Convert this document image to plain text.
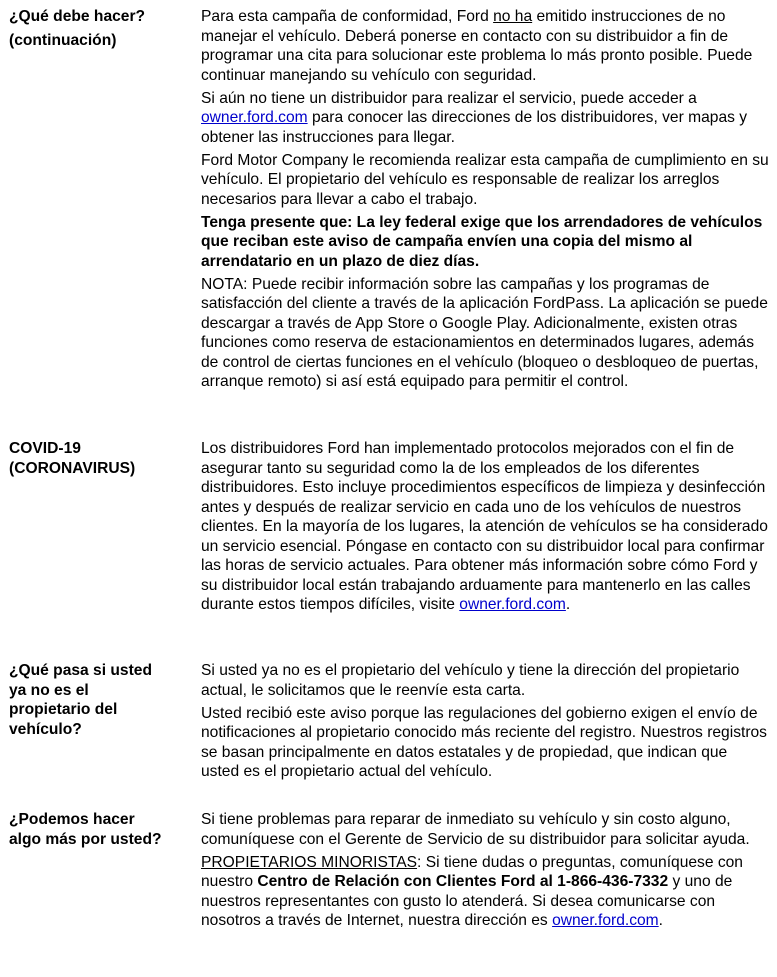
¿Qué debe hacer?
(continuación)

Para esta campaña de conformidad, Ford no ha emitido instrucciones de no manejar el vehículo. Deberá ponerse en contacto con su distribuidor a fin de programar una cita para solucionar este problema lo más pronto posible. Puede continuar manejando su vehículo con seguridad.

Si aún no tiene un distribuidor para realizar el servicio, puede acceder a owner.ford.com para conocer las direcciones de los distribuidores, ver mapas y obtener las instrucciones para llegar.

Ford Motor Company le recomienda realizar esta campaña de cumplimiento en su vehículo. El propietario del vehículo es responsable de realizar los arreglos necesarios para llevar a cabo el trabajo.

Tenga presente que: La ley federal exige que los arrendadores de vehículos que reciban este aviso de campaña envíen una copia del mismo al arrendatario en un plazo de diez días.

NOTA: Puede recibir información sobre las campañas y los programas de satisfacción del cliente a través de la aplicación FordPass. La aplicación se puede descargar a través de App Store o Google Play. Adicionalmente, existen otras funciones como reserva de estacionamientos en determinados lugares, además de control de ciertas funciones en el vehículo (bloqueo o desbloqueo de puertas, arranque remoto) si así está equipado para permitir el control.

COVID-19
(CORONAVIRUS)

Los distribuidores Ford han implementado protocolos mejorados con el fin de asegurar tanto su seguridad como la de los empleados de los diferentes distribuidores. Esto incluye procedimientos específicos de limpieza y desinfección antes y después de realizar servicio en cada uno de los vehículos de nuestros clientes. En la mayoría de los lugares, la atención de vehículos se ha considerado un servicio esencial. Póngase en contacto con su distribuidor local para confirmar las horas de servicio actuales. Para obtener más información sobre cómo Ford y su distribuidor local están trabajando arduamente para mantenerlo en las calles durante estos tiempos difíciles, visite owner.ford.com.

¿Qué pasa si usted
ya no es el
propietario del
vehículo?

Si usted ya no es el propietario del vehículo y tiene la dirección del propietario actual, le solicitamos que le reenvíe esta carta.

Usted recibió este aviso porque las regulaciones del gobierno exigen el envío de notificaciones al propietario conocido más reciente del registro. Nuestros registros se basan principalmente en datos estatales y de propiedad, que indican que usted es el propietario actual del vehículo.

¿Podemos hacer
algo más por usted?

Si tiene problemas para reparar de inmediato su vehículo y sin costo alguno, comuníquese con el Gerente de Servicio de su distribuidor para solicitar ayuda.

PROPIETARIOS MINORISTAS: Si tiene dudas o preguntas, comuníquese con nuestro Centro de Relación con Clientes Ford al 1-866-436-7332 y uno de nuestros representantes con gusto lo atenderá. Si desea comunicarse con nosotros a través de Internet, nuestra dirección es owner.ford.com.
